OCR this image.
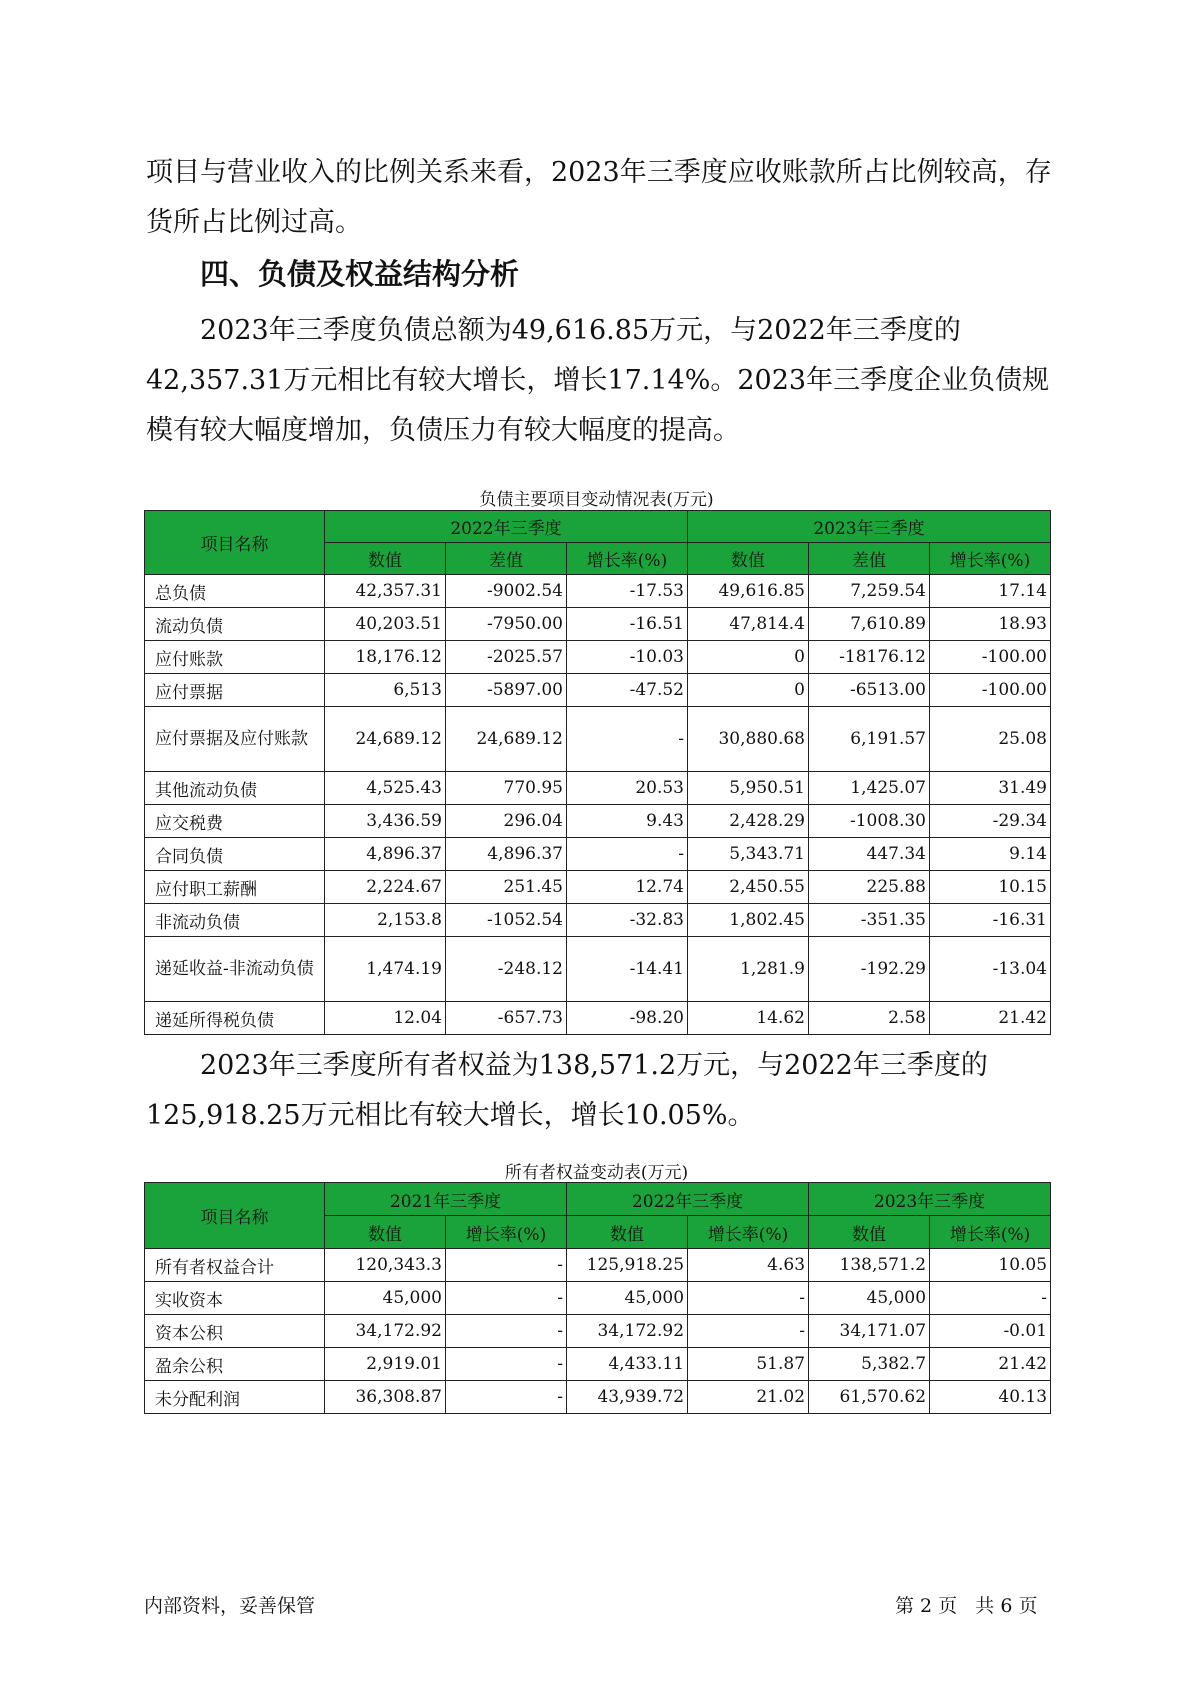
项目与营业收入的比例关系来看，2023年三季度应收账款所占比例较高，存货所占比例过高。

四、负债及权益结构分析

2023年三季度负债总额为49,616.85万元，与2022年三季度的42,357.31万元相比有较大增长，增长17.14%。2023年三季度企业负债规模有较大幅度增加，负债压力有较大幅度的提高。

负债主要项目变动情况表(万元)

项目名称	2022年三季度			2023年三季度		
	数值	差值	增长率(%)	数值	差值	增长率(%)
总负债	42,357.31	-9002.54	-17.53	49,616.85	7,259.54	17.14
流动负债	40,203.51	-7950.00	-16.51	47,814.4	7,610.89	18.93
应付账款	18,176.12	-2025.57	-10.03	0	-18176.12	-100.00
应付票据	6,513	-5897.00	-47.52	0	-6513.00	-100.00
应付票据及应付账款	24,689.12	24,689.12	-	30,880.68	6,191.57	25.08
其他流动负债	4,525.43	770.95	20.53	5,950.51	1,425.07	31.49
应交税费	3,436.59	296.04	9.43	2,428.29	-1008.30	-29.34
合同负债	4,896.37	4,896.37	-	5,343.71	447.34	9.14
应付职工薪酬	2,224.67	251.45	12.74	2,450.55	225.88	10.15
非流动负债	2,153.8	-1052.54	-32.83	1,802.45	-351.35	-16.31
递延收益-非流动负债	1,474.19	-248.12	-14.41	1,281.9	-192.29	-13.04
递延所得税负债	12.04	-657.73	-98.20	14.62	2.58	21.42

2023年三季度所有者权益为138,571.2万元，与2022年三季度的125,918.25万元相比有较大增长，增长10.05%。

所有者权益变动表(万元)

项目名称	2021年三季度		2022年三季度		2023年三季度	
	数值	增长率(%)	数值	增长率(%)	数值	增长率(%)
所有者权益合计	120,343.3	-	125,918.25	4.63	138,571.2	10.05
实收资本	45,000	-	45,000	-	45,000	-
资本公积	34,172.92	-	34,172.92	-	34,171.07	-0.01
盈余公积	2,919.01	-	4,433.11	51.87	5,382.7	21.42
未分配利润	36,308.87	-	43,939.72	21.02	61,570.62	40.13

内部资料，妥善保管	第 2 页   共 6 页
